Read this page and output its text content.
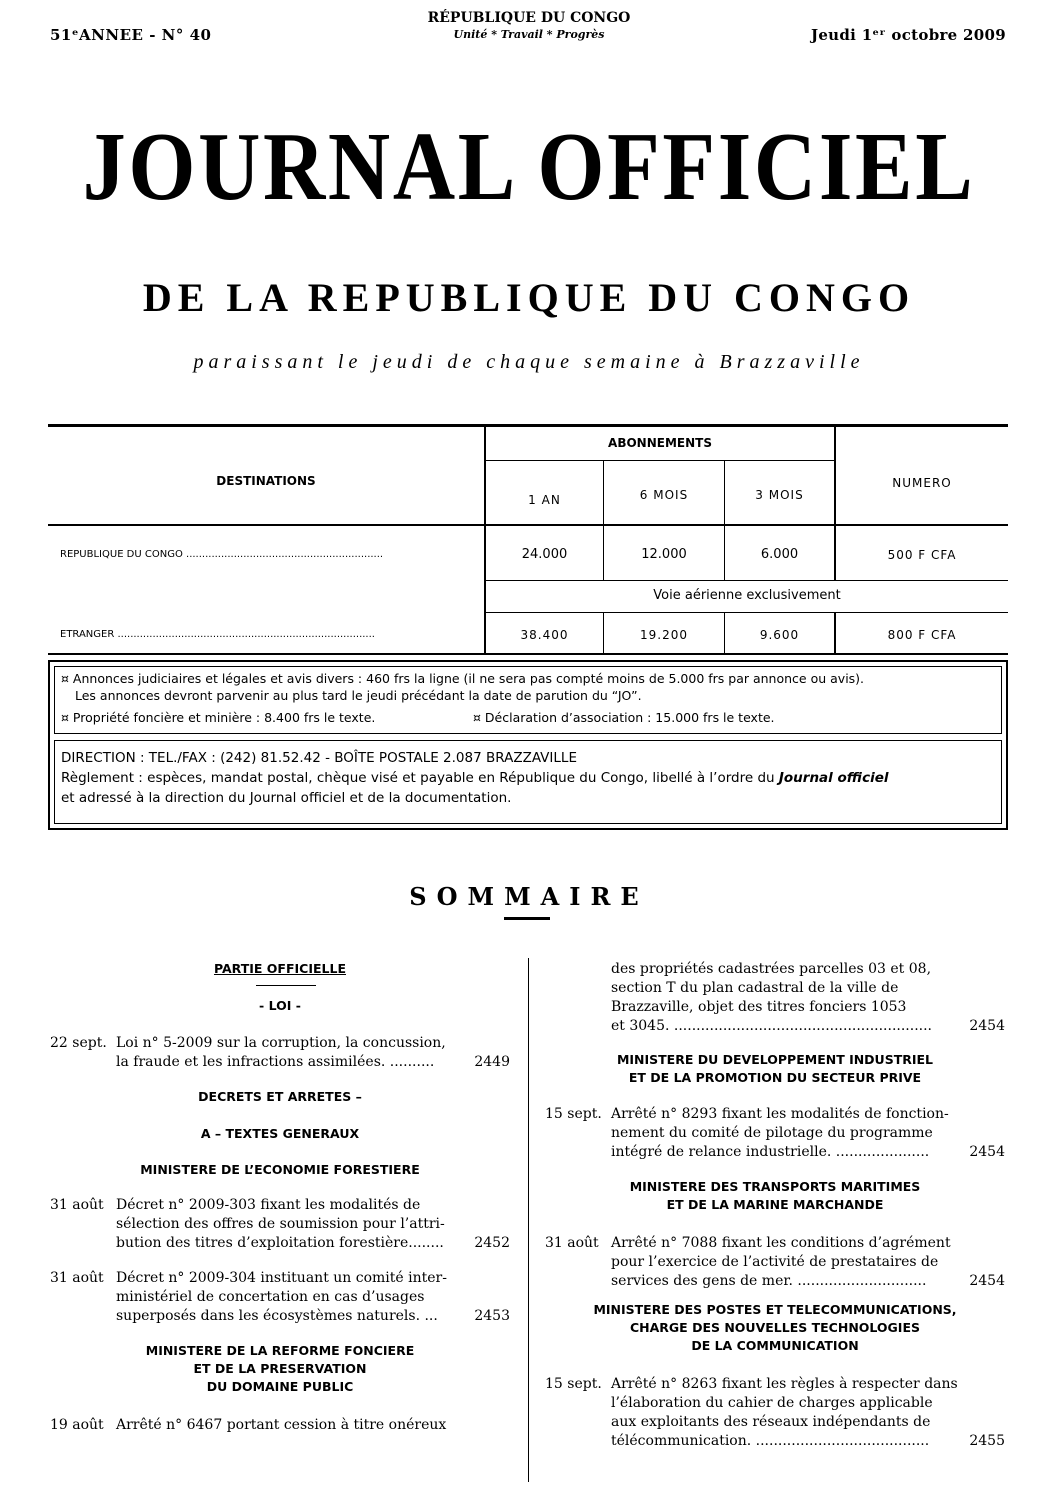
51ᵉANNEE - N° 40
RÉPUBLIQUE DU CONGO
Unité * Travail * Progrès	Jeudi 1ᵉʳ octobre 2009
JOURNAL OFFICIEL
DE LA REPUBLIQUE DU CONGO
paraissant le jeudi de chaque semaine à Brazzaville
DESTINATIONS
ABONNEMENTS
1 AN	6 MOIS	3 MOIS
NUMERO
REPUBLIQUE DU CONGO ..............................................................	24.000	12.000	6.000	500 F CFA
Voie aérienne exclusivement
ETRANGER .................................................................................	38.400	19.200	9.600	800 F CFA
¤ Annonces judiciaires et légales et avis divers : 460 frs la ligne (il ne sera pas compté moins de 5.000 frs par annonce ou avis).
Les annonces devront parvenir au plus tard le jeudi précédant la date de parution du “JO”.
¤ Propriété foncière et minière : 8.400 frs le texte.	¤ Déclaration d’association : 15.000 frs le texte.
DIRECTION : TEL./FAX : (242) 81.52.42 - BOÎTE POSTALE 2.087 BRAZZAVILLE
Règlement : espèces, mandat postal, chèque visé et payable en République du Congo, libellé à l’ordre du Journal officiel
et adressé à la direction du Journal officiel et de la documentation.
SOMMAIRE
PARTIE OFFICIELLE
- LOI -
22 sept. Loi n° 5-2009 sur la corruption, la concussion,
la fraude et les infractions assimilées. ..........	2449
DECRETS ET ARRETES –
A – TEXTES GENERAUX
MINISTERE DE L’ECONOMIE FORESTIERE
31 août Décret n° 2009-303 fixant les modalités de
sélection des offres de soumission pour l’attri-
bution des titres d’exploitation forestière........	2452
31 août Décret n° 2009-304 instituant un comité inter-
ministériel de concertation en cas d’usages
superposés dans les écosystèmes naturels. ...	2453
MINISTERE DE LA REFORME FONCIERE
ET DE LA PRESERVATION
DU DOMAINE PUBLIC
19 août Arrêté n° 6467 portant cession à titre onéreux
des propriétés cadastrées parcelles 03 et 08,
section T du plan cadastral de la ville de
Brazzaville, objet des titres fonciers 1053
et 3045. ..........................................................	2454
MINISTERE DU DEVELOPPEMENT INDUSTRIEL
ET DE LA PROMOTION DU SECTEUR PRIVE
15 sept. Arrêté n° 8293 fixant les modalités de fonction-
nement du comité de pilotage du programme
intégré de relance industrielle. .....................	2454
MINISTERE DES TRANSPORTS MARITIMES
ET DE LA MARINE MARCHANDE
31 août Arrêté n° 7088 fixant les conditions d’agrément
pour l’exercice de l’activité de prestataires de
services des gens de mer. .............................	2454
MINISTERE DES POSTES ET TELECOMMUNICATIONS,
CHARGE DES NOUVELLES TECHNOLOGIES
DE LA COMMUNICATION
15 sept. Arrêté n° 8263 fixant les règles à respecter dans
l’élaboration du cahier de charges applicable
aux exploitants des réseaux indépendants de
télécommunication. .......................................	2455
